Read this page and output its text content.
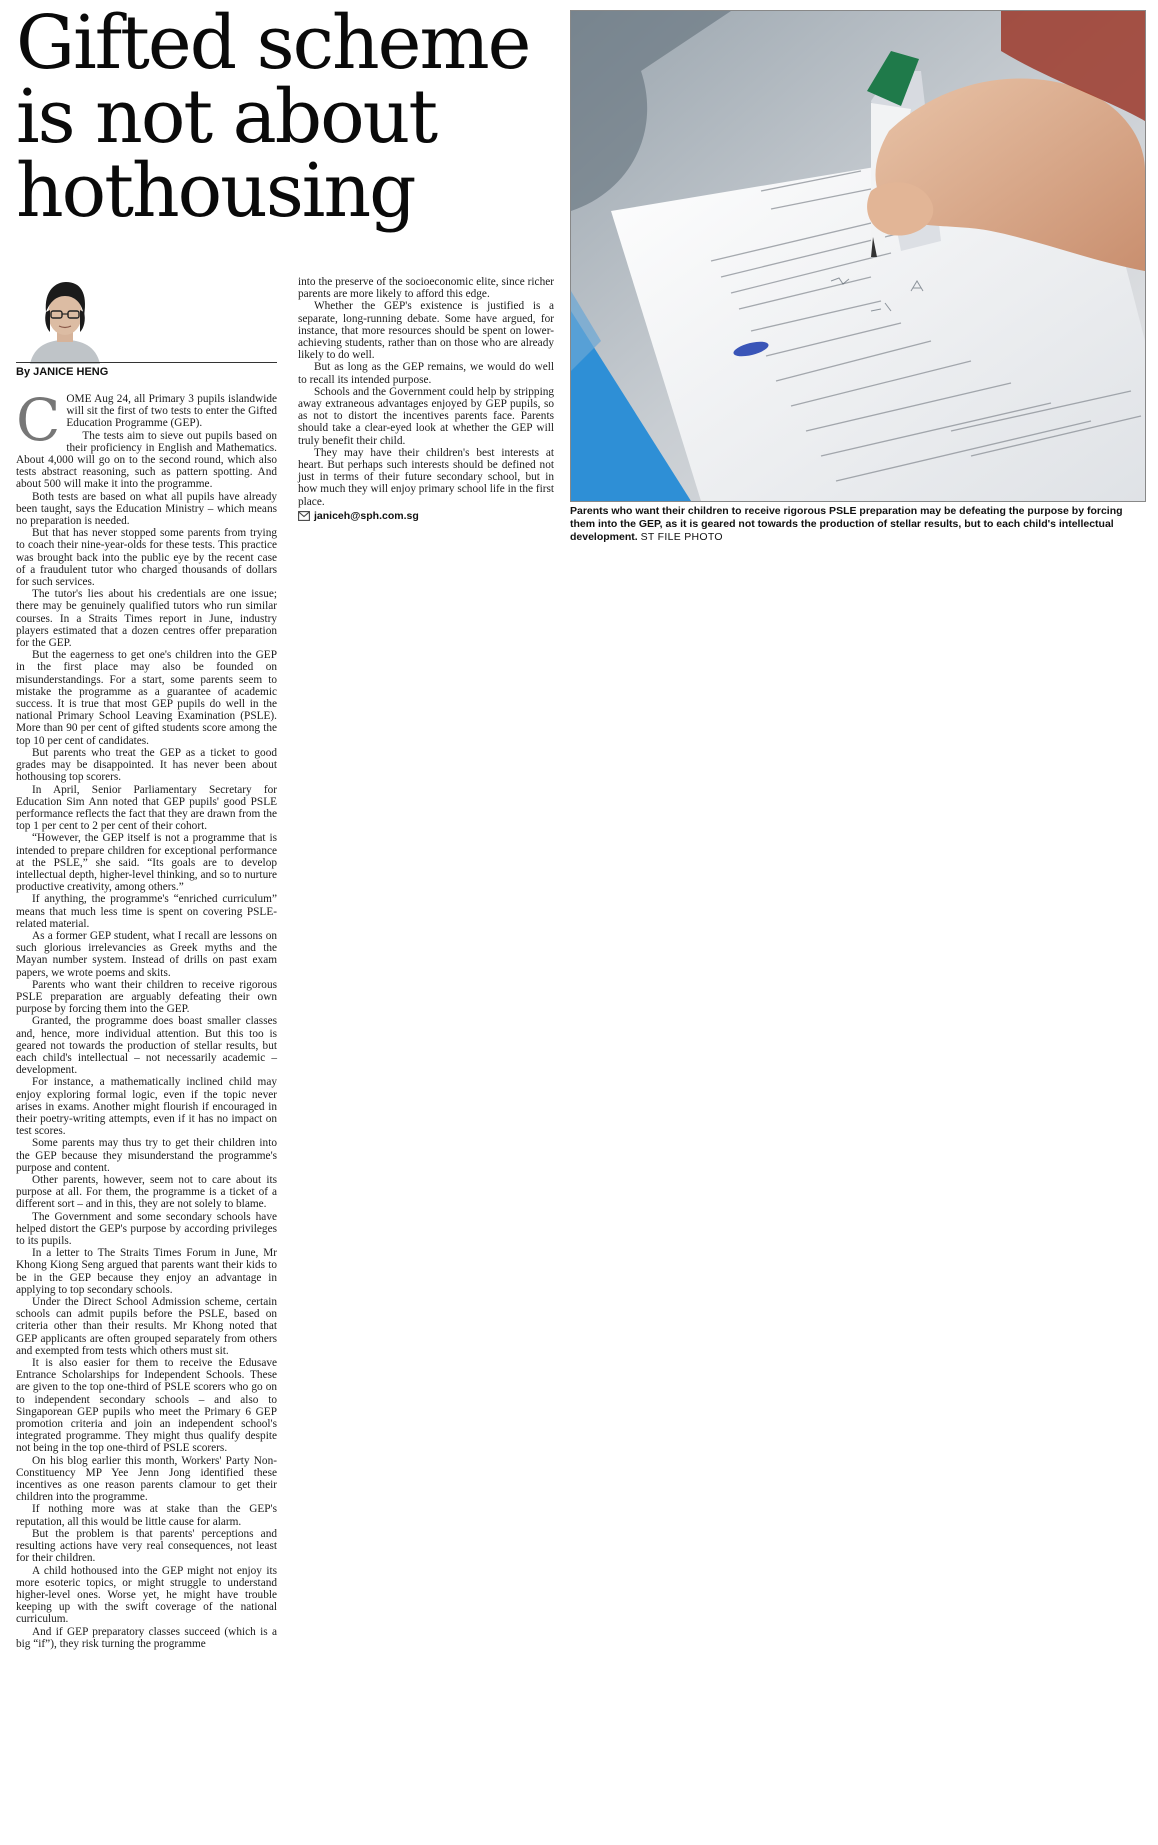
Gifted scheme
is not about
hothousing

Parents who want their children to receive rigorous PSLE preparation may be defeating the purpose by forcing them into the GEP, as it is geared not towards the production of stellar results, but to each child's intellectual development. ST FILE PHOTO

By JANICE HENG

COME Aug 24, all Primary 3 pupils islandwide will sit the first of two tests to enter the Gifted Education Programme (GEP).

The tests aim to sieve out pupils based on their proficiency in English and Mathematics. About 4,000 will go on to the second round, which also tests abstract reasoning, such as pattern spotting. And about 500 will make it into the programme.

Both tests are based on what all pupils have already been taught, says the Education Ministry – which means no preparation is needed.

But that has never stopped some parents from trying to coach their nine-year-olds for these tests. This practice was brought back into the public eye by the recent case of a fraudulent tutor who charged thousands of dollars for such services.

The tutor's lies about his credentials are one issue; there may be genuinely qualified tutors who run similar courses. In a Straits Times report in June, industry players estimated that a dozen centres offer preparation for the GEP.

But the eagerness to get one's children into the GEP in the first place may also be founded on misunderstandings. For a start, some parents seem to mistake the programme as a guarantee of academic success. It is true that most GEP pupils do well in the national Primary School Leaving Examination (PSLE). More than 90 per cent of gifted students score among the top 10 per cent of candidates.

But parents who treat the GEP as a ticket to good grades may be disappointed. It has never been about hothousing top scorers.

In April, Senior Parliamentary Secretary for Education Sim Ann noted that GEP pupils' good PSLE performance reflects the fact that they are drawn from the top 1 per cent to 2 per cent of their cohort.

“However, the GEP itself is not a programme that is intended to prepare children for exceptional performance at the PSLE,” she said. “Its goals are to develop intellectual depth, higher-level thinking, and so to nurture productive creativity, among others.”

If anything, the programme's “enriched curriculum” means that much less time is spent on covering PSLE-related material.

As a former GEP student, what I recall are lessons on such glorious irrelevancies as Greek myths and the Mayan number system. Instead of drills on past exam papers, we wrote poems and skits.

Parents who want their children to receive rigorous PSLE preparation are arguably defeating their own purpose by forcing them into the GEP.

Granted, the programme does boast smaller classes and, hence, more individual attention. But this too is geared not towards the production of stellar results, but each child's intellectual – not necessarily academic – development.

For instance, a mathematically inclined child may enjoy exploring formal logic, even if the topic never arises in exams. Another might flourish if encouraged in their poetry-writing attempts, even if it has no impact on test scores.

Some parents may thus try to get their children into the GEP because they misunderstand the programme's purpose and content.

Other parents, however, seem not to care about its purpose at all. For them, the programme is a ticket of a different sort – and in this, they are not solely to blame.

The Government and some secondary schools have helped distort the GEP's purpose by according privileges to its pupils.

In a letter to The Straits Times Forum in June, Mr Khong Kiong Seng argued that parents want their kids to be in the GEP because they enjoy an advantage in applying to top secondary schools.

Under the Direct School Admission scheme, certain schools can admit pupils before the PSLE, based on criteria other than their results. Mr Khong noted that GEP applicants are often grouped separately from others and exempted from tests which others must sit.

It is also easier for them to receive the Edusave Entrance Scholarships for Independent Schools. These are given to the top one-third of PSLE scorers who go on to independent secondary schools – and also to Singaporean GEP pupils who meet the Primary 6 GEP promotion criteria and join an independent school's integrated programme. They might thus qualify despite not being in the top one-third of PSLE scorers.

On his blog earlier this month, Workers' Party Non-Constituency MP Yee Jenn Jong identified these incentives as one reason parents clamour to get their children into the programme.

If nothing more was at stake than the GEP's reputation, all this would be little cause for alarm.

But the problem is that parents' perceptions and resulting actions have very real consequences, not least for their children.

A child hothoused into the GEP might not enjoy its more esoteric topics, or might struggle to understand higher-level ones. Worse yet, he might have trouble keeping up with the swift coverage of the national curriculum.

And if GEP preparatory classes succeed (which is a big “if”), they risk turning the programme

into the preserve of the socioeconomic elite, since richer parents are more likely to afford this edge.

Whether the GEP's existence is justified is a separate, long-running debate. Some have argued, for instance, that more resources should be spent on lower-achieving students, rather than on those who are already likely to do well.

But as long as the GEP remains, we would do well to recall its intended purpose.

Schools and the Government could help by stripping away extraneous advantages enjoyed by GEP pupils, so as not to distort the incentives parents face. Parents should take a clear-eyed look at whether the GEP will truly benefit their child.

They may have their children's best interests at heart. But perhaps such interests should be defined not just in terms of their future secondary school, but in how much they will enjoy primary school life in the first place.

janiceh@sph.com.sg
